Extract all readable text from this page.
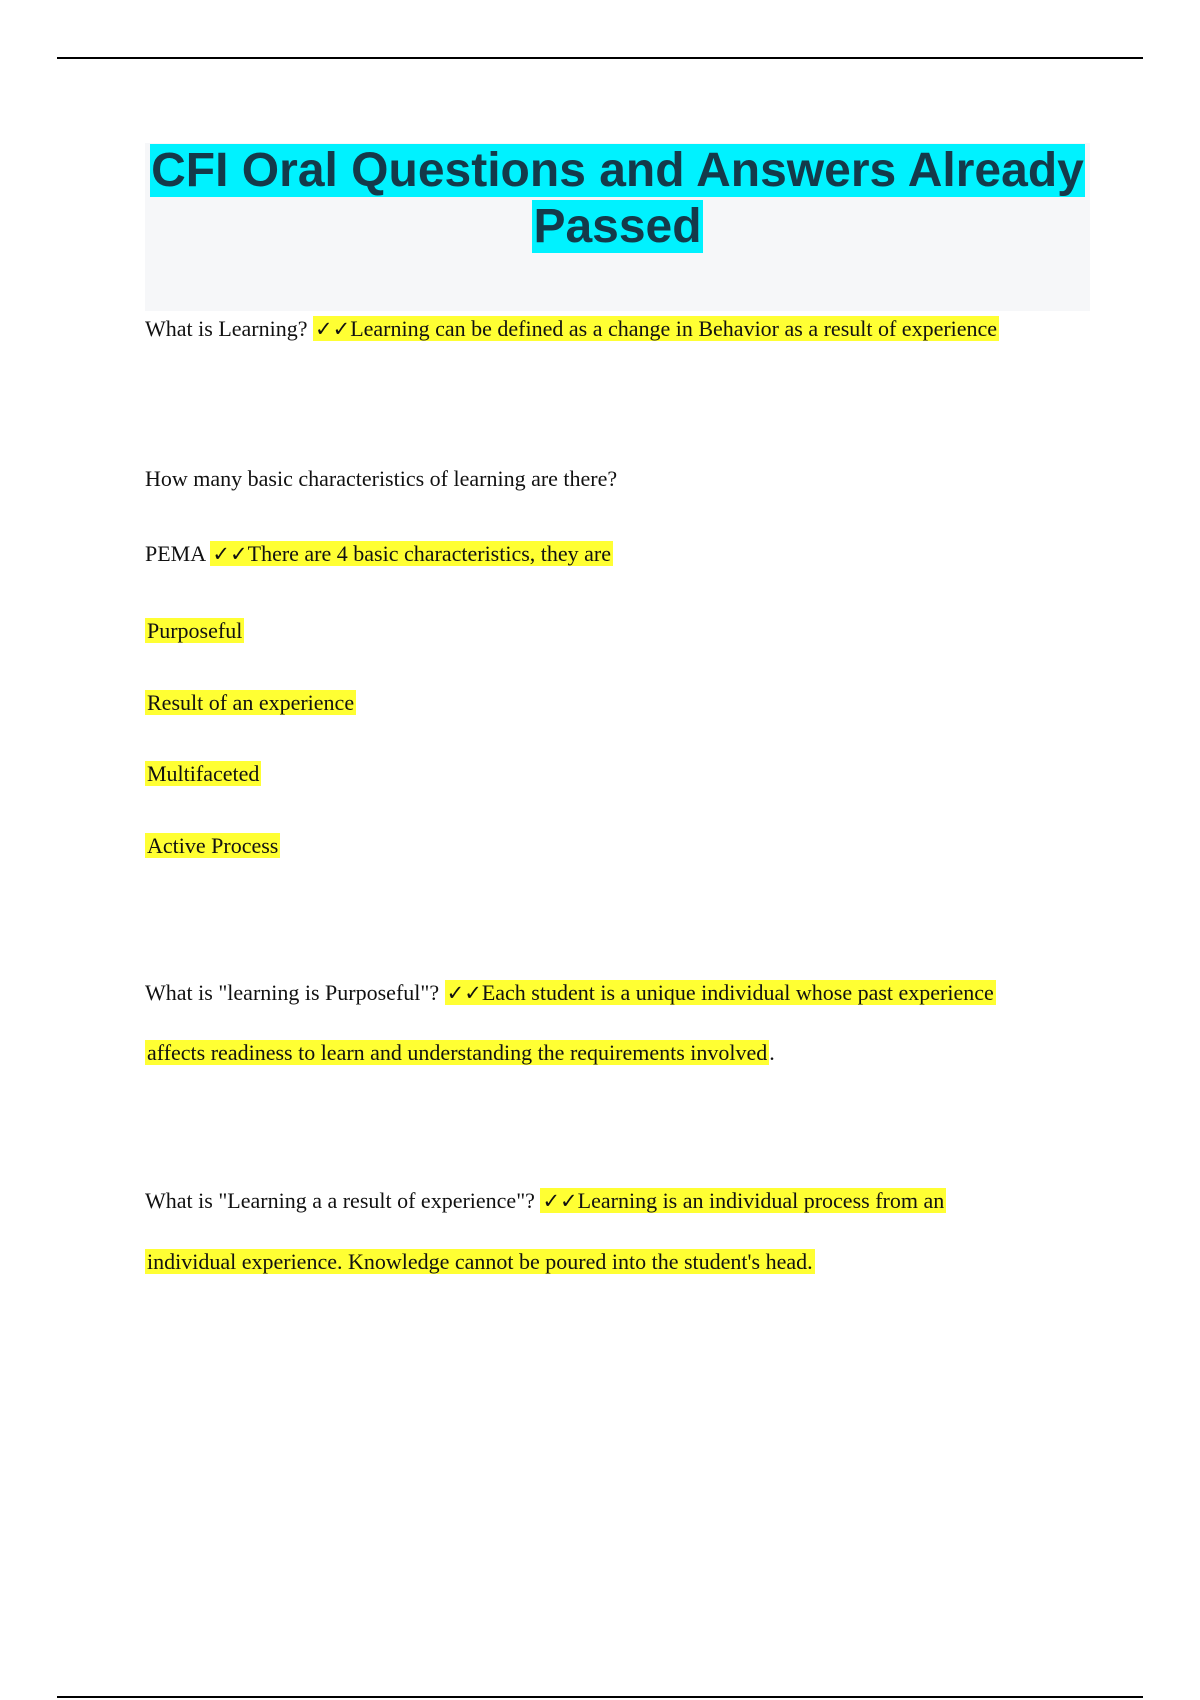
CFI Oral Questions and Answers Already Passed

What is Learning? ✓✓Learning can be defined as a change in Behavior as a result of experience

How many basic characteristics of learning are there?

PEMA ✓✓There are 4 basic characteristics, they are

Purposeful

Result of an experience

Multifaceted

Active Process

What is "learning is Purposeful"? ✓✓Each student is a unique individual whose past experience

affects readiness to learn and understanding the requirements involved.

What is "Learning a a result of experience"? ✓✓Learning is an individual process from an

individual experience. Knowledge cannot be poured into the student's head.
